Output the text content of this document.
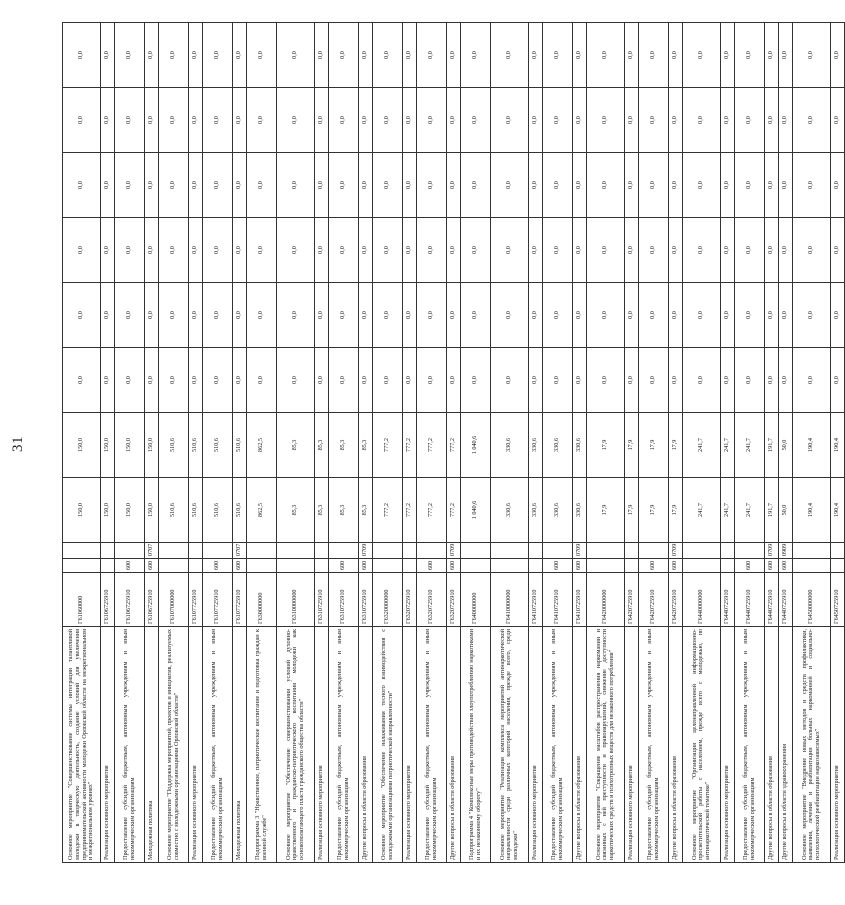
31
Основное мероприятие "Совершенствование системы интеграции талантливой молодежи в творческую деятельность, создание условий для увеличения предпринимательской активности молодежи Орловской области на межрегиональном и межрегиональном уровнях"	Г61060000			150,0	150,0	0,0	0,0	0,0	0,0	0,0	0,0
Реализация основного мероприятия	Г6106725910			150,0	150,0	0,0	0,0	0,0	0,0	0,0	0,0
Предоставление субсидий бюджетным, автономным учреждениям и иным некоммерческим организациям	Г6106725910	600		150,0	150,0	0,0	0,0	0,0	0,0	0,0	0,0
Молодежная политика	Г6106725910	600	0707	150,0	150,0	0,0	0,0	0,0	0,0	0,0	0,0
Основное мероприятие "Поддержка мероприятий, проектов и инициатив, реализуемых совместно с молодежными организациями Орловской области"	Г6107000000			510,6	510,6	0,0	0,0	0,0	0,0	0,0	0,0
Реализация основного мероприятия	Г6107725910			510,6	510,6	0,0	0,0	0,0	0,0	0,0	0,0
Предоставление субсидий бюджетным, автономным учреждениям и иным некоммерческим организациям	Г6107725910	600		510,6	510,6	0,0	0,0	0,0	0,0	0,0	0,0
Молодежная политика	Г6107725910	600	0707	510,6	510,6	0,0	0,0	0,0	0,0	0,0	0,0
Подпрограмма 3 "Нравственное, патриотическое воспитание и подготовка граждан к военной службе"	Г630000000			862,5	862,5	0,0	0,0	0,0	0,0	0,0	0,0
Основное мероприятие "Обеспечение совершенствования условий духовно-нравственного и гражданско-патриотического воспитания молодежи как основополагающего пласта гражданского общества области"	Г6310000000			85,3	85,3	0,0	0,0	0,0	0,0	0,0	0,0
Реализация основного мероприятия	Г6310725910			85,3	85,3	0,0	0,0	0,0	0,0	0,0	0,0
Предоставление субсидий бюджетным, автономным учреждениям и иным некоммерческим организациям	Г6310725910	600		85,3	85,3	0,0	0,0	0,0	0,0	0,0	0,0
Другие вопросы в области образования	Г6310725910	600	0709	85,3	85,3	0,0	0,0	0,0	0,0	0,0	0,0
Основное мероприятие "Обеспечение налаживания тесного взаимодействия с молодежными организациями патриотической направленности"	Г6320000000			777,2	777,2	0,0	0,0	0,0	0,0	0,0	0,0
Реализация основного мероприятия	Г6320725910			777,2	777,2	0,0	0,0	0,0	0,0	0,0	0,0
Предоставление субсидий бюджетным, автономным учреждениям и иным некоммерческим организациям	Г6320725910	600		777,2	777,2	0,0	0,0	0,0	0,0	0,0	0,0
Другие вопросы в области образования	Г6320725910	600	0709	777,2	777,2	0,0	0,0	0,0	0,0	0,0	0,0
Подпрограмма 4 "Комплексные меры противодействия злоупотреблению наркотиками и их незаконному обороту"	Г640000000			1 040,6	1 040,6	0,0	0,0	0,0	0,0	0,0	0,0
Основное мероприятие "Реализация комплекса мероприятий антинаркотической направленности среди различных категорий населения, прежде всего, среди молодежи"	Г6410000000			330,6	330,6	0,0	0,0	0,0	0,0	0,0	0,0
Реализация основного мероприятия	Г6410725910			330,6	330,6	0,0	0,0	0,0	0,0	0,0	0,0
Предоставление субсидий бюджетным, автономным учреждениям и иным некоммерческим организациям	Г6410725910	600		330,6	330,6	0,0	0,0	0,0	0,0	0,0	0,0
Другие вопросы в области образования	Г6410725910	600	0709	330,6	330,6	0,0	0,0	0,0	0,0	0,0	0,0
Основное мероприятие "Сокращение масштабов распространения наркомании и связанных с ней преступности и правонарушений, снижение доступности наркотических средств и психотропных веществ для незаконного потребления"	Г6420000000			17,9	17,9	0,0	0,0	0,0	0,0	0,0	0,0
Реализация основного мероприятия	Г6420725910			17,9	17,9	0,0	0,0	0,0	0,0	0,0	0,0
Предоставление субсидий бюджетным, автономным учреждениям и иным некоммерческим организациям	Г6420725910	600		17,9	17,9	0,0	0,0	0,0	0,0	0,0	0,0
Другие вопросы в области образования	Г6420725910	600	0709	17,9	17,9	0,0	0,0	0,0	0,0	0,0	0,0
Основное мероприятие "Организация целенаправленной информационно-просветительской работы с населением, прежде всего с молодежью, по антинаркотической тематике"	Г6440000000			241,7	241,7	0,0	0,0	0,0	0,0	0,0	0,0
Реализация основного мероприятия	Г6440725910			241,7	241,7	0,0	0,0	0,0	0,0	0,0	0,0
Предоставление субсидий бюджетным, автономным учреждениям и иным некоммерческим организациям	Г6440725910	600		241,7	241,7	0,0	0,0	0,0	0,0	0,0	0,0
Другие вопросы в области образования	Г6440725910	600	0709	191,7	191,7	0,0	0,0	0,0	0,0	0,0	0,0
Другие вопросы в области здравоохранения	Г6440725910	600	0909	50,0	50,0	0,0	0,0	0,0	0,0	0,0	0,0
Основное мероприятие "Внедрение новых методов и средств профилактики, выявления, лечения и реабилитации больных наркоманией и социально-психологической реабилитации наркозависимых"	Г6450000000			190,4	190,4	0,0	0,0	0,0	0,0	0,0	0,0
Реализация основного мероприятия	Г6450725910			190,4	190,4	0,0	0,0	0,0	0,0	0,0	0,0
